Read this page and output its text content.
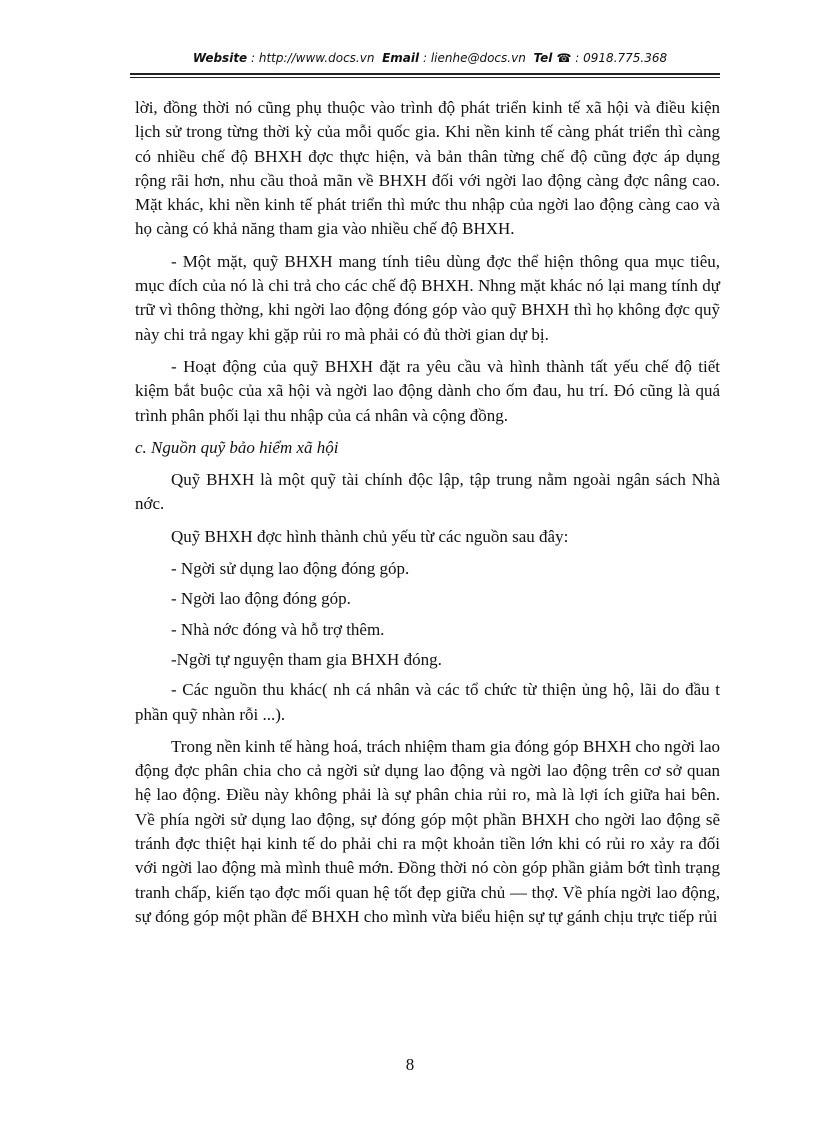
Website : http://www.docs.vn Email : lienhe@docs.vn Tel ☎ : 0918.775.368

lời, đồng thời nó cũng phụ thuộc vào trình độ phát triển kinh tế xã hội và điều kiện lịch sử trong từng thời kỳ của mỗi quốc gia. Khi nền kinh tế càng phát triển thì càng có nhiều chế độ BHXH đợc thực hiện, và bản thân từng chế độ cũng đợc áp dụng rộng rãi hơn, nhu cầu thoả mãn về BHXH đối với ngời lao động càng đợc nâng cao. Mặt khác, khi nền kinh tế phát triển thì mức thu nhập của ngời lao động càng cao và họ càng có khả năng tham gia vào nhiều chế độ BHXH.

- Một mặt, quỹ BHXH mang tính tiêu dùng đợc thể hiện thông qua mục tiêu, mục đích của nó là chi trả cho các chế độ BHXH. Nhng mặt khác nó lại mang tính dự trữ vì thông thờng, khi ngời lao động đóng góp vào quỹ BHXH thì họ không đợc quỹ này chi trả ngay khi gặp rủi ro mà phải có đủ thời gian dự bị.

- Hoạt động của quỹ BHXH đặt ra yêu cầu và hình thành tất yếu chế độ tiết kiệm bắt buộc của xã hội và ngời lao động dành cho ốm đau, hu trí. Đó cũng là quá trình phân phối lại thu nhập của cá nhân và cộng đồng.

c. Nguồn quỹ bảo hiểm xã hội

Quỹ BHXH là một quỹ tài chính độc lập, tập trung nằm ngoài ngân sách Nhà nớc.

Quỹ BHXH đợc hình thành chủ yếu từ các nguồn sau đây:

- Ngời sử dụng lao động đóng góp.

- Ngời lao động đóng góp.

- Nhà nớc đóng và hỗ trợ thêm.

-Ngời tự nguyện tham gia BHXH đóng.

- Các nguồn thu khác( nh cá nhân và các tổ chức từ thiện ủng hộ, lãi do đầu t phần quỹ nhàn rỗi ...).

Trong nền kinh tế hàng hoá, trách nhiệm tham gia đóng góp BHXH cho ngời lao động đợc phân chia cho cả ngời sử dụng lao động và ngời lao động trên cơ sở quan hệ lao động. Điều này không phải là sự phân chia rủi ro, mà là lợi ích giữa hai bên. Về phía ngời sử dụng lao động, sự đóng góp một phần BHXH cho ngời lao động sẽ tránh đợc thiệt hại kinh tế do phải chi ra một khoản tiền lớn khi có rủi ro xảy ra đối với ngời lao động mà mình thuê mớn. Đồng thời nó còn góp phần giảm bớt tình trạng tranh chấp, kiến tạo đợc mối quan hệ tốt đẹp giữa chủ — thợ. Về phía ngời lao động, sự đóng góp một phần để BHXH cho mình vừa biểu hiện sự tự gánh chịu trực tiếp rủi

8
